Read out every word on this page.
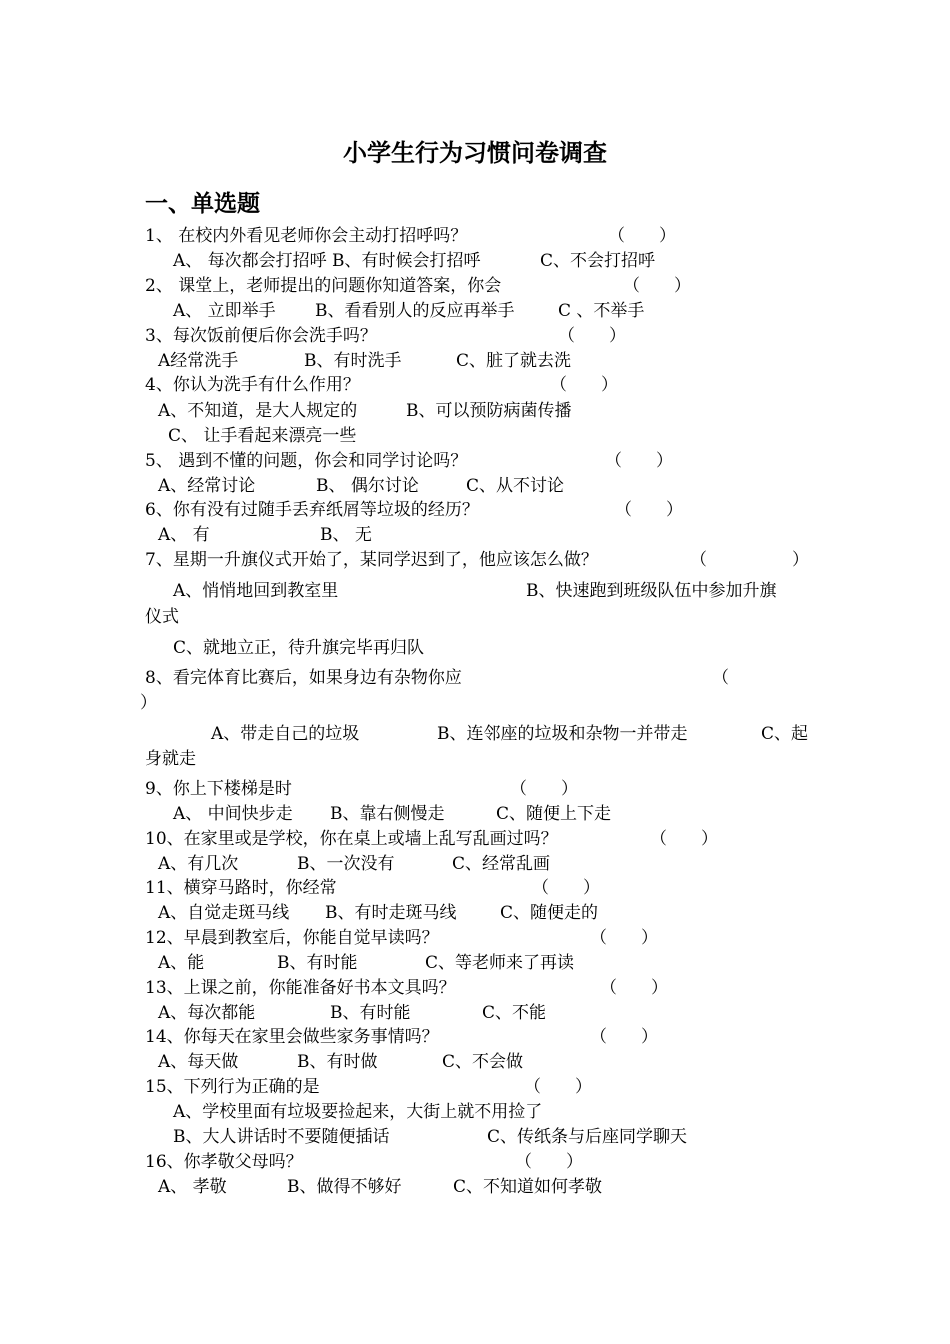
小学生行为习惯问卷调查
一、单选题
1、 在校内外看见老师你会主动打招呼吗？	（　　）
A、 每次都会打招呼 B、有时候会打招呼	C、不会打招呼
2、 课堂上，老师提出的问题你知道答案，你会	（　　）
A、 立即举手 B、看看别人的反应再举手	C 、不举手
3、每次饭前便后你会洗手吗？	（　　）
A经常洗手	B、有时洗手	C、脏了就去洗
4、你认为洗手有什么作用？	（　　）
A、不知道，是大人规定的	B、可以预防病菌传播
C、 让手看起来漂亮一些
5、 遇到不懂的问题，你会和同学讨论吗？	（　　）
A、经常讨论	B、 偶尔讨论	C、从不讨论
6、你有没有过随手丢弃纸屑等垃圾的经历？	（　　）
A、 有	B、 无
7、星期一升旗仪式开始了，某同学迟到了，他应该怎么做？	（　　　　　）
A、悄悄地回到教室里	B、快速跑到班级队伍中参加升旗
仪式
C、就地立正，待升旗完毕再归队
8、看完体育比赛后，如果身边有杂物你应	（
）
A、带走自己的垃圾	B、连邻座的垃圾和杂物一并带走	C、起
身就走
9、你上下楼梯是时	（　　）
A、 中间快步走 B、靠右侧慢走	C、随便上下走
10、在家里或是学校，你在桌上或墙上乱写乱画过吗？	（　　）
A、有几次	B、一次没有	C、经常乱画
11、横穿马路时，你经常	（　　）
A、自觉走斑马线 B、有时走斑马线	C、随便走的
12、早晨到教室后，你能自觉早读吗？	（　　）
A、能	B、有时能	C、等老师来了再读
13、上课之前，你能准备好书本文具吗？	（　　）
A、每次都能	B、有时能	C、不能
14、你每天在家里会做些家务事情吗？	（　　）
A、每天做	B、有时做	C、不会做
15、下列行为正确的是	（　　）
A、学校里面有垃圾要捡起来，大街上就不用捡了
B、大人讲话时不要随便插话	C、传纸条与后座同学聊天
16、你孝敬父母吗？	（　　）
A、 孝敬	B、做得不够好	C、不知道如何孝敬
